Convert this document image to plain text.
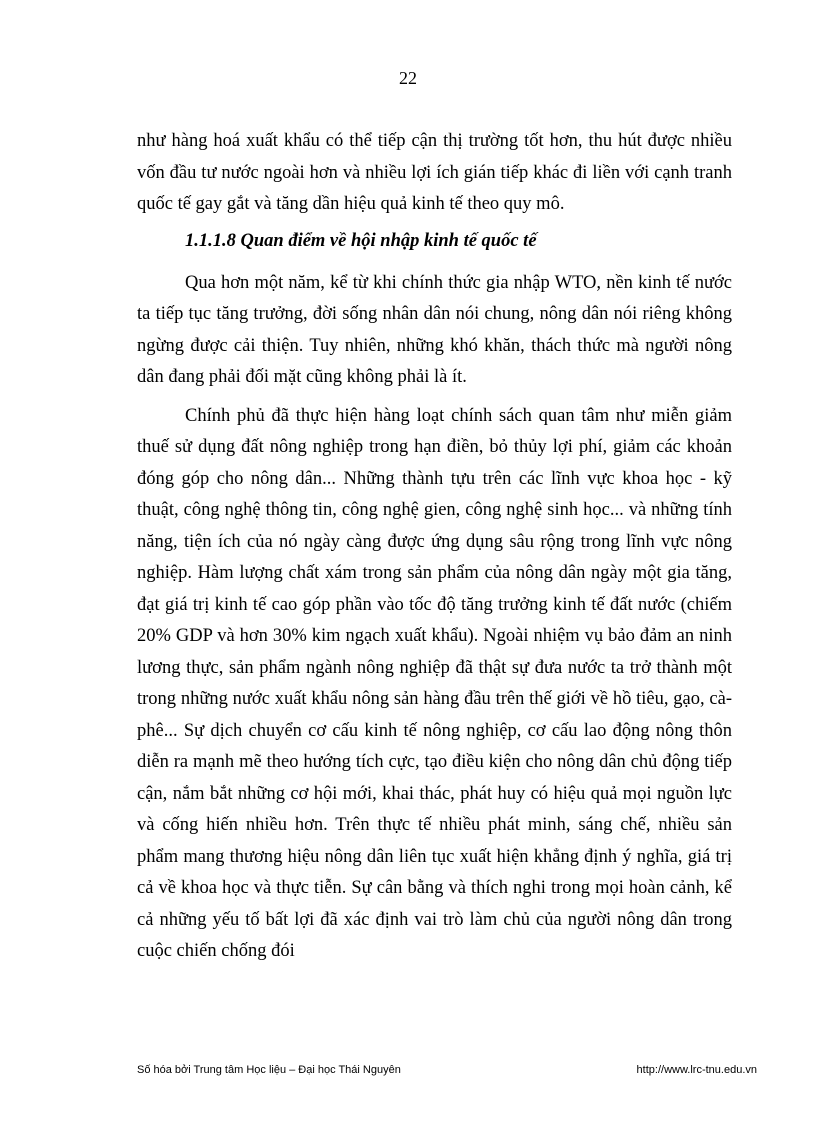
22

như hàng hoá xuất khẩu có thể tiếp cận thị trường tốt hơn, thu hút được nhiều vốn đầu tư nước ngoài hơn và nhiều lợi ích gián tiếp khác đi liền với cạnh tranh quốc tế gay gắt và tăng dần hiệu quả kinh tế theo quy mô.

1.1.1.8 Quan điểm về hội nhập kinh tế quốc tế

Qua hơn một năm, kể từ khi chính thức gia nhập WTO, nền kinh tế nước ta tiếp tục tăng trưởng, đời sống nhân dân nói chung, nông dân nói riêng không ngừng được cải thiện. Tuy nhiên, những khó khăn, thách thức mà người nông dân đang phải đối mặt cũng không phải là ít.

Chính phủ đã thực hiện hàng loạt chính sách quan tâm như miễn giảm thuế sử dụng đất nông nghiệp trong hạn điền, bỏ thủy lợi phí, giảm các khoản đóng góp cho nông dân... Những thành tựu trên các lĩnh vực khoa học - kỹ thuật, công nghệ thông tin, công nghệ gien, công nghệ sinh học... và những tính năng, tiện ích của nó ngày càng được ứng dụng sâu rộng trong lĩnh vực nông nghiệp. Hàm lượng chất xám trong sản phẩm của nông dân ngày một gia tăng, đạt giá trị kinh tế cao góp phần vào tốc độ tăng trưởng kinh tế đất nước (chiếm 20% GDP và hơn 30% kim ngạch xuất khẩu). Ngoài nhiệm vụ bảo đảm an ninh lương thực, sản phẩm ngành nông nghiệp đã thật sự đưa nước ta trở thành một trong những nước xuất khẩu nông sản hàng đầu trên thế giới về hồ tiêu, gạo, cà-phê... Sự dịch chuyển cơ cấu kinh tế nông nghiệp, cơ cấu lao động nông thôn diễn ra mạnh mẽ theo hướng tích cực, tạo điều kiện cho nông dân chủ động tiếp cận, nắm bắt những cơ hội mới, khai thác, phát huy có hiệu quả mọi nguồn lực và cống hiến nhiều hơn. Trên thực tế nhiều phát minh, sáng chế, nhiều sản phẩm mang thương hiệu nông dân liên tục xuất hiện khẳng định ý nghĩa, giá trị cả về khoa học và thực tiễn. Sự cân bằng và thích nghi trong mọi hoàn cảnh, kể cả những yếu tố bất lợi đã xác định vai trò làm chủ của người nông dân trong cuộc chiến chống đói

Số hóa bởi Trung tâm Học liệu – Đại học Thái Nguyên	http://www.lrc-tnu.edu.vn
